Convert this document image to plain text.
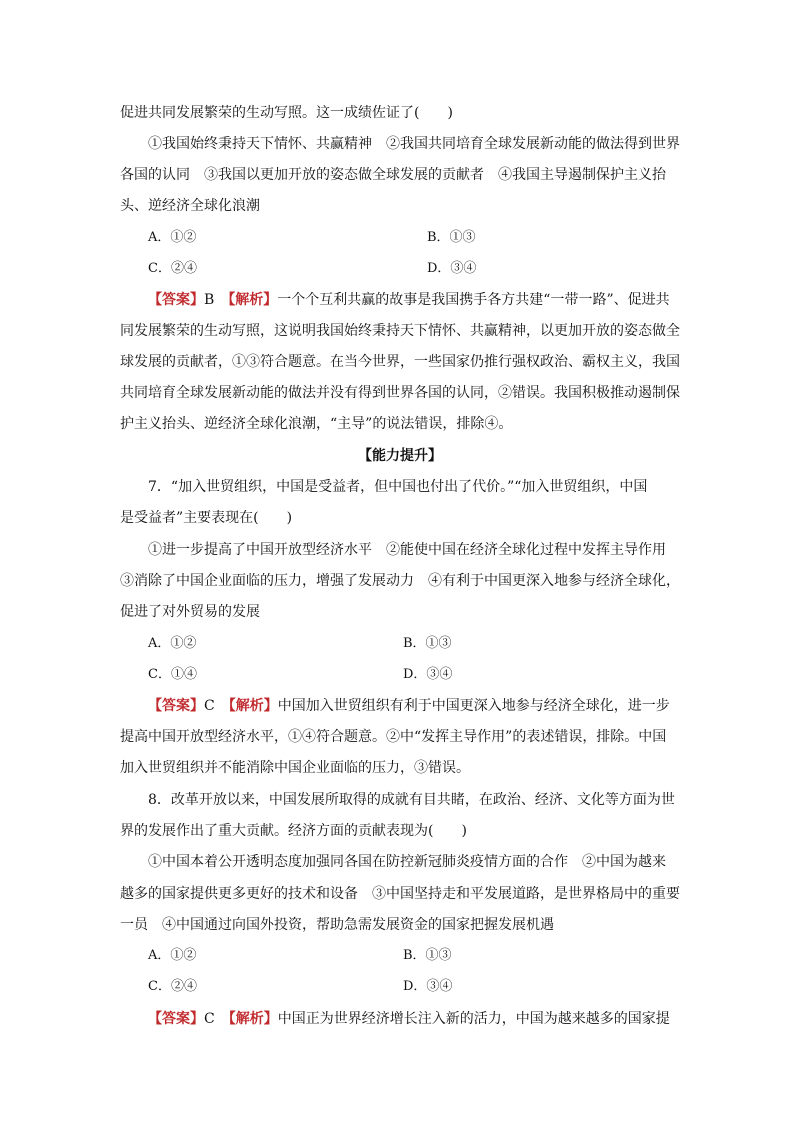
促进共同发展繁荣的生动写照。这一成绩佐证了(　　)
①我国始终秉持天下情怀、共赢精神　②我国共同培育全球发展新动能的做法得到世界
各国的认同　③我国以更加开放的姿态做全球发展的贡献者　④我国主导遏制保护主义抬
头、逆经济全球化浪潮
A．①②	B．①③
C．②④	D．③④
【答案】B　 【解析】一个个互利共赢的故事是我国携手各方共建“一带一路”、促进共
同发展繁荣的生动写照，这说明我国始终秉持天下情怀、共赢精神，以更加开放的姿态做全
球发展的贡献者，①③符合题意。在当今世界，一些国家仍推行强权政治、霸权主义，我国
共同培育全球发展新动能的做法并没有得到世界各国的认同，②错误。我国积极推动遏制保
护主义抬头、逆经济全球化浪潮，“主导”的说法错误，排除④。
【能力提升】
7．“加入世贸组织，中国是受益者，但中国也付出了代价。”“加入世贸组织，中国
是受益者”主要表现在(　　)
①进一步提高了中国开放型经济水平　②能使中国在经济全球化过程中发挥主导作用
③消除了中国企业面临的压力，增强了发展动力　④有利于中国更深入地参与经济全球化，
促进了对外贸易的发展
A．①②	B．①③
C．①④	D．③④
【答案】C　 【解析】中国加入世贸组织有利于中国更深入地参与经济全球化，进一步
提高中国开放型经济水平，①④符合题意。②中“发挥主导作用”的表述错误，排除。中国
加入世贸组织并不能消除中国企业面临的压力，③错误。
8．改革开放以来，中国发展所取得的成就有目共睹，在政治、经济、文化等方面为世
界的发展作出了重大贡献。经济方面的贡献表现为(　　)
①中国本着公开透明态度加强同各国在防控新冠肺炎疫情方面的合作　②中国为越来
越多的国家提供更多更好的技术和设备　③中国坚持走和平发展道路，是世界格局中的重要
一员　④中国通过向国外投资，帮助急需发展资金的国家把握发展机遇
A．①②	B．①③
C．②④	D．③④
【答案】C　 【解析】中国正为世界经济增长注入新的活力，中国为越来越多的国家提
